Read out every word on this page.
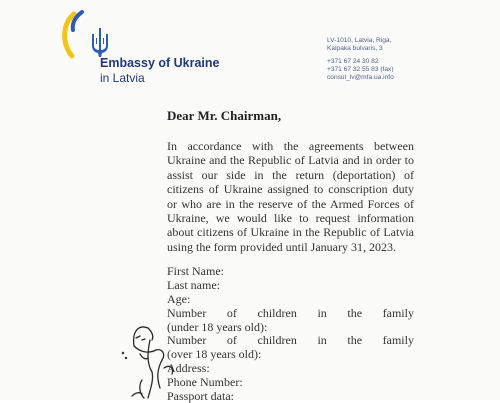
Embassy of Ukraine
in Latvia
LV-1010, Latvia, Riga,
Kalpaka bulvaris, 3
+371 67 24 30 82
+371 67 32 55 83 (fax)
consul_lv@mfa.ua.info
Dear Mr. Chairman,
In accordance with the agreements between Ukraine and the Republic of Latvia and in order to assist our side in the return (deportation) of citizens of Ukraine assigned to conscription duty or who are in the reserve of the Armed Forces of Ukraine, we would like to request information about citizens of Ukraine in the Republic of Latvia using the form provided until January 31, 2023.
First Name:
Last name:
Age:
Number of children in the family
(under 18 years old):
Number of children in the family
(over 18 years old):
Address:
Phone Number:
Passport data:
